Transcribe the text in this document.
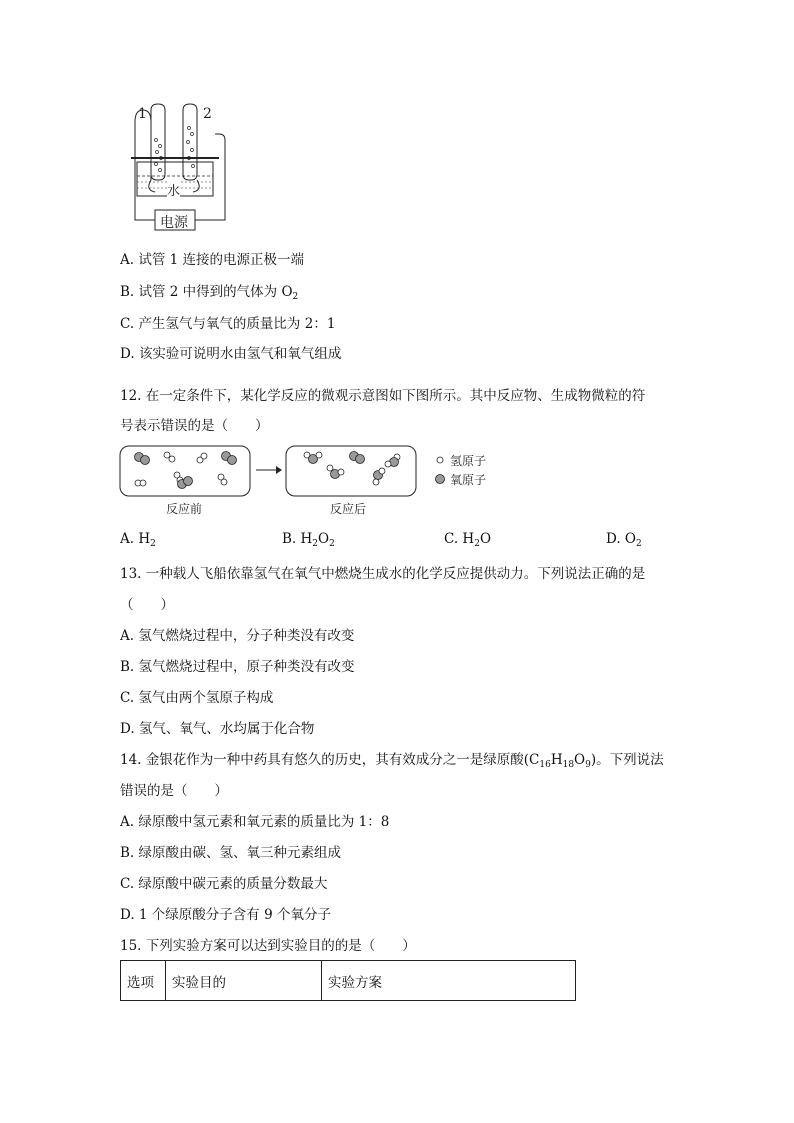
1	2
水
电源
A. 试管 1 连接的电源正极一端
B. 试管 2 中得到的气体为 $O_2$
C. 产生氢气与氧气的质量比为 2：1
D. 该实验可说明水由氢气和氧气组成
12. 在一定条件下，某化学反应的微观示意图如下图所示。其中反应物、生成物微粒的符
号表示错误的是（　　）
氢原子
氧原子
反应前	反应后
A. $H_2$	B. $H_2O_2$	C. $H_2O$	D. $O_2$
13. 一种载人飞船依靠氢气在氧气中燃烧生成水的化学反应提供动力。下列说法正确的是
（　　）
A. 氢气燃烧过程中，分子种类没有改变
B. 氢气燃烧过程中，原子种类没有改变
C. 氢气由两个氢原子构成
D. 氢气、氧气、水均属于化合物
14. 金银花作为一种中药具有悠久的历史，其有效成分之一是绿原酸$(C_{16}H_{18}O_9)$。下列说法
错误的是（　　）
A. 绿原酸中氢元素和氧元素的质量比为 1：8
B. 绿原酸由碳、氢、氧三种元素组成
C. 绿原酸中碳元素的质量分数最大
D. 1 个绿原酸分子含有 9 个氧分子
15. 下列实验方案可以达到实验目的的是（　　）
选项	实验目的	实验方案
